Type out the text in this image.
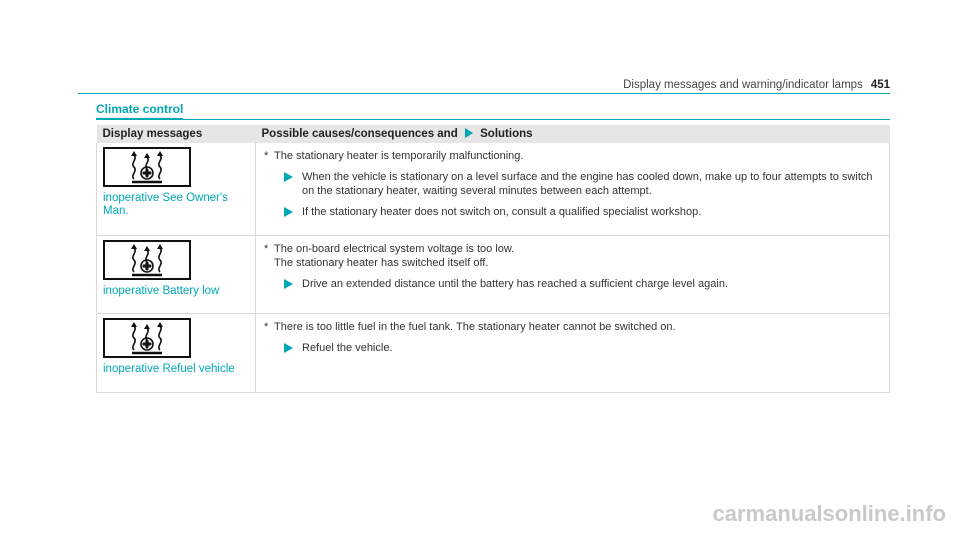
Display messages and warning/indicator lamps 451
Climate control
Display messages	Possible causes/consequences and Solutions

inoperative See Owner's Man.	* The stationary heater is temporarily malfunctioning.
When the vehicle is stationary on a level surface and the engine has cooled down, make up to four attempts to switch on the stationary heater, waiting several minutes between each attempt.
If the stationary heater does not switch on, consult a qualified specialist workshop.

inoperative Battery low	* The on-board electrical system voltage is too low.
The stationary heater has switched itself off.
Drive an extended distance until the battery has reached a sufficient charge level again.

inoperative Refuel vehicle	* There is too little fuel in the fuel tank. The stationary heater cannot be switched on.
Refuel the vehicle.
carmanualsonline.info
